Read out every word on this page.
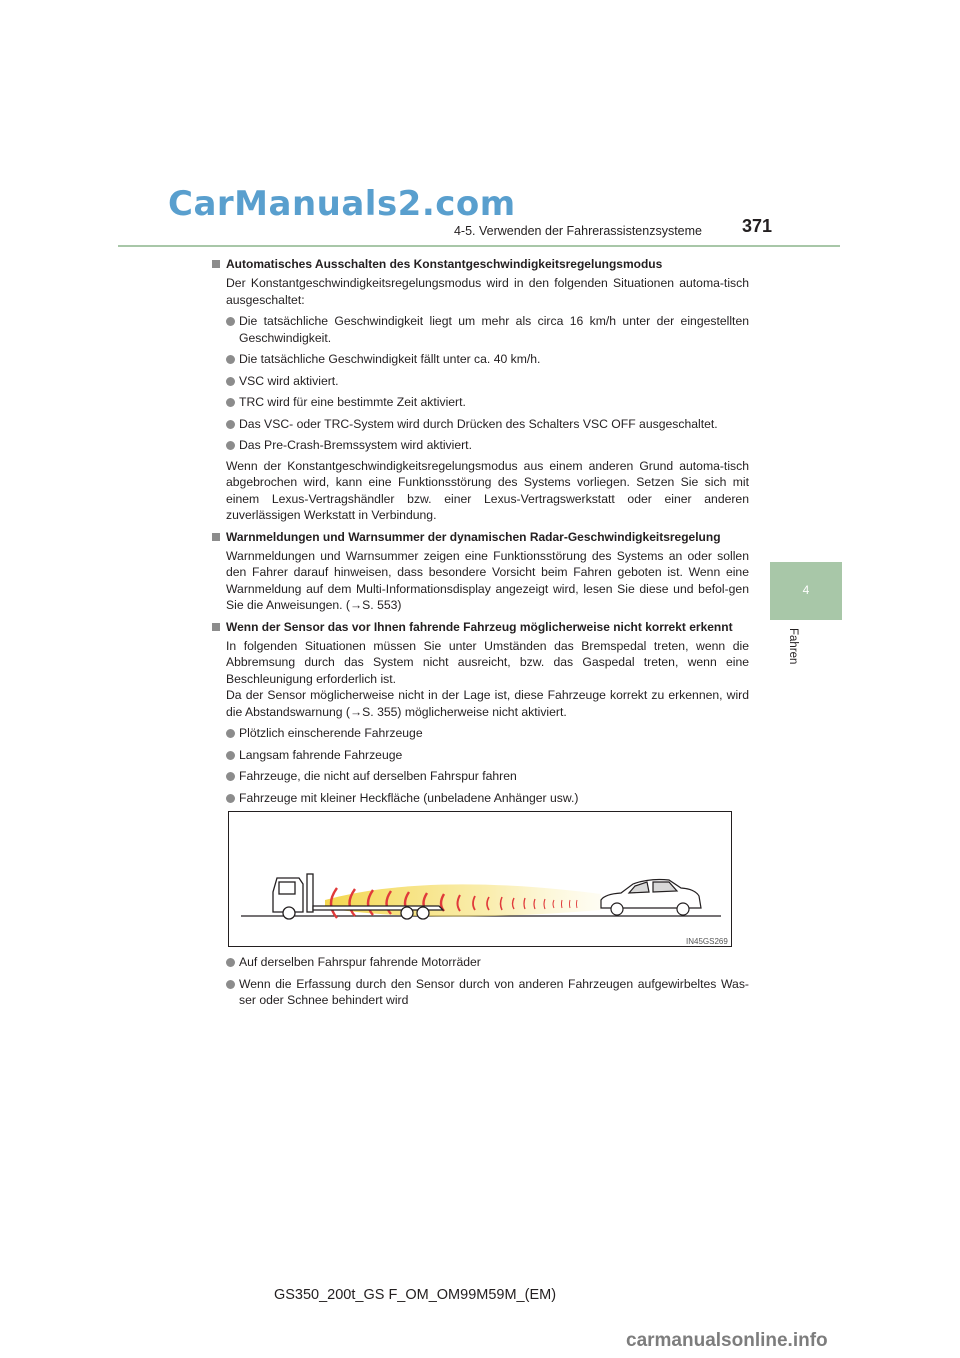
CarManuals2.com
4-5. Verwenden der Fahrerassistenzsysteme 371
4
Fahren
Automatisches Ausschalten des Konstantgeschwindigkeitsregelungsmodus
Der Konstantgeschwindigkeitsregelungsmodus wird in den folgenden Situationen automa-tisch ausgeschaltet:
Die tatsächliche Geschwindigkeit liegt um mehr als circa 16 km/h unter der eingestellten Geschwindigkeit.
Die tatsächliche Geschwindigkeit fällt unter ca. 40 km/h.
VSC wird aktiviert.
TRC wird für eine bestimmte Zeit aktiviert.
Das VSC- oder TRC-System wird durch Drücken des Schalters VSC OFF ausgeschaltet.
Das Pre-Crash-Bremssystem wird aktiviert.
Wenn der Konstantgeschwindigkeitsregelungsmodus aus einem anderen Grund automa-tisch abgebrochen wird, kann eine Funktionsstörung des Systems vorliegen. Setzen Sie sich mit einem Lexus-Vertragshändler bzw. einer Lexus-Vertragswerkstatt oder einer anderen zuverlässigen Werkstatt in Verbindung.
Warnmeldungen und Warnsummer der dynamischen Radar-Geschwindigkeitsregelung
Warnmeldungen und Warnsummer zeigen eine Funktionsstörung des Systems an oder sollen den Fahrer darauf hinweisen, dass besondere Vorsicht beim Fahren geboten ist. Wenn eine Warnmeldung auf dem Multi-Informationsdisplay angezeigt wird, lesen Sie diese und befol-gen Sie die Anweisungen. (→S. 553)
Wenn der Sensor das vor Ihnen fahrende Fahrzeug möglicherweise nicht korrekt erkennt
In folgenden Situationen müssen Sie unter Umständen das Bremspedal treten, wenn die Abbremsung durch das System nicht ausreicht, bzw. das Gaspedal treten, wenn eine Beschleunigung erforderlich ist.
Da der Sensor möglicherweise nicht in der Lage ist, diese Fahrzeuge korrekt zu erkennen, wird die Abstandswarnung (→S. 355) möglicherweise nicht aktiviert.
Plötzlich einscherende Fahrzeuge
Langsam fahrende Fahrzeuge
Fahrzeuge, die nicht auf derselben Fahrspur fahren
Fahrzeuge mit kleiner Heckfläche (unbeladene Anhänger usw.)
IN45GS269
Auf derselben Fahrspur fahrende Motorräder
Wenn die Erfassung durch den Sensor durch von anderen Fahrzeugen aufgewirbeltes Was-ser oder Schnee behindert wird
GS350_200t_GS F_OM_OM99M59M_(EM)
carmanualsonline.info
